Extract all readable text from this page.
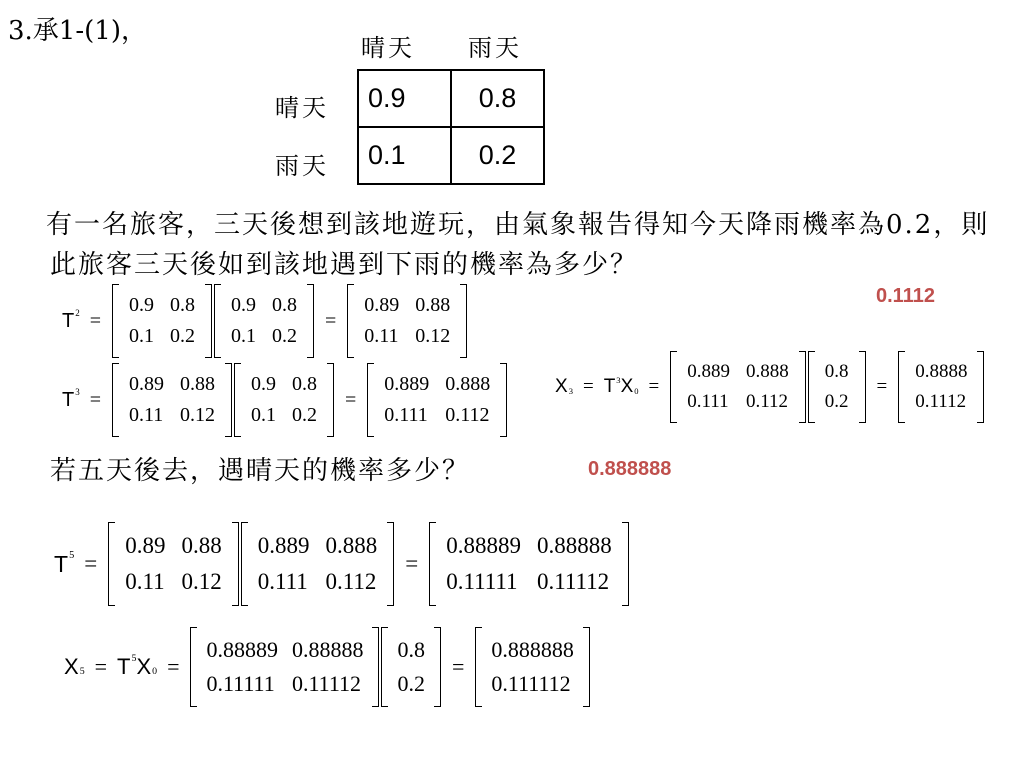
3.承1-(1)，
晴天 雨天
晴天
雨天
0.9	0.8
0.1	0.2
有一名旅客，三天後想到該地遊玩，由氣象報告得知今天降雨機率為0.2，則此旅客三天後如到該地遇到下雨的機率為多少？
0.1112
T 2 =
0.9	0.8
0.1	0.2
0.9	0.8
0.1	0.2
=
0.89	0.88
0.11	0.12
T 3 =
0.89	0.88
0.11	0.12
0.9	0.8
0.1	0.2
=
0.889	0.888
0.111	0.112
X 3 = T 3 X 0 =
0.889	0.888
0.111	0.112
0.8
0.2
=
0.8888
0.1112
若五天後去，遇晴天的機率多少？	0.888888
T 5 =
0.89	0.88
0.11	0.12
0.889	0.888
0.111	0.112
=
0.88889	0.88888
0.11111	0.11112
X 5 = T 5 X 0 =
0.88889	0.88888
0.11111	0.11112
0.8
0.2
=
0.888888
0.111112
